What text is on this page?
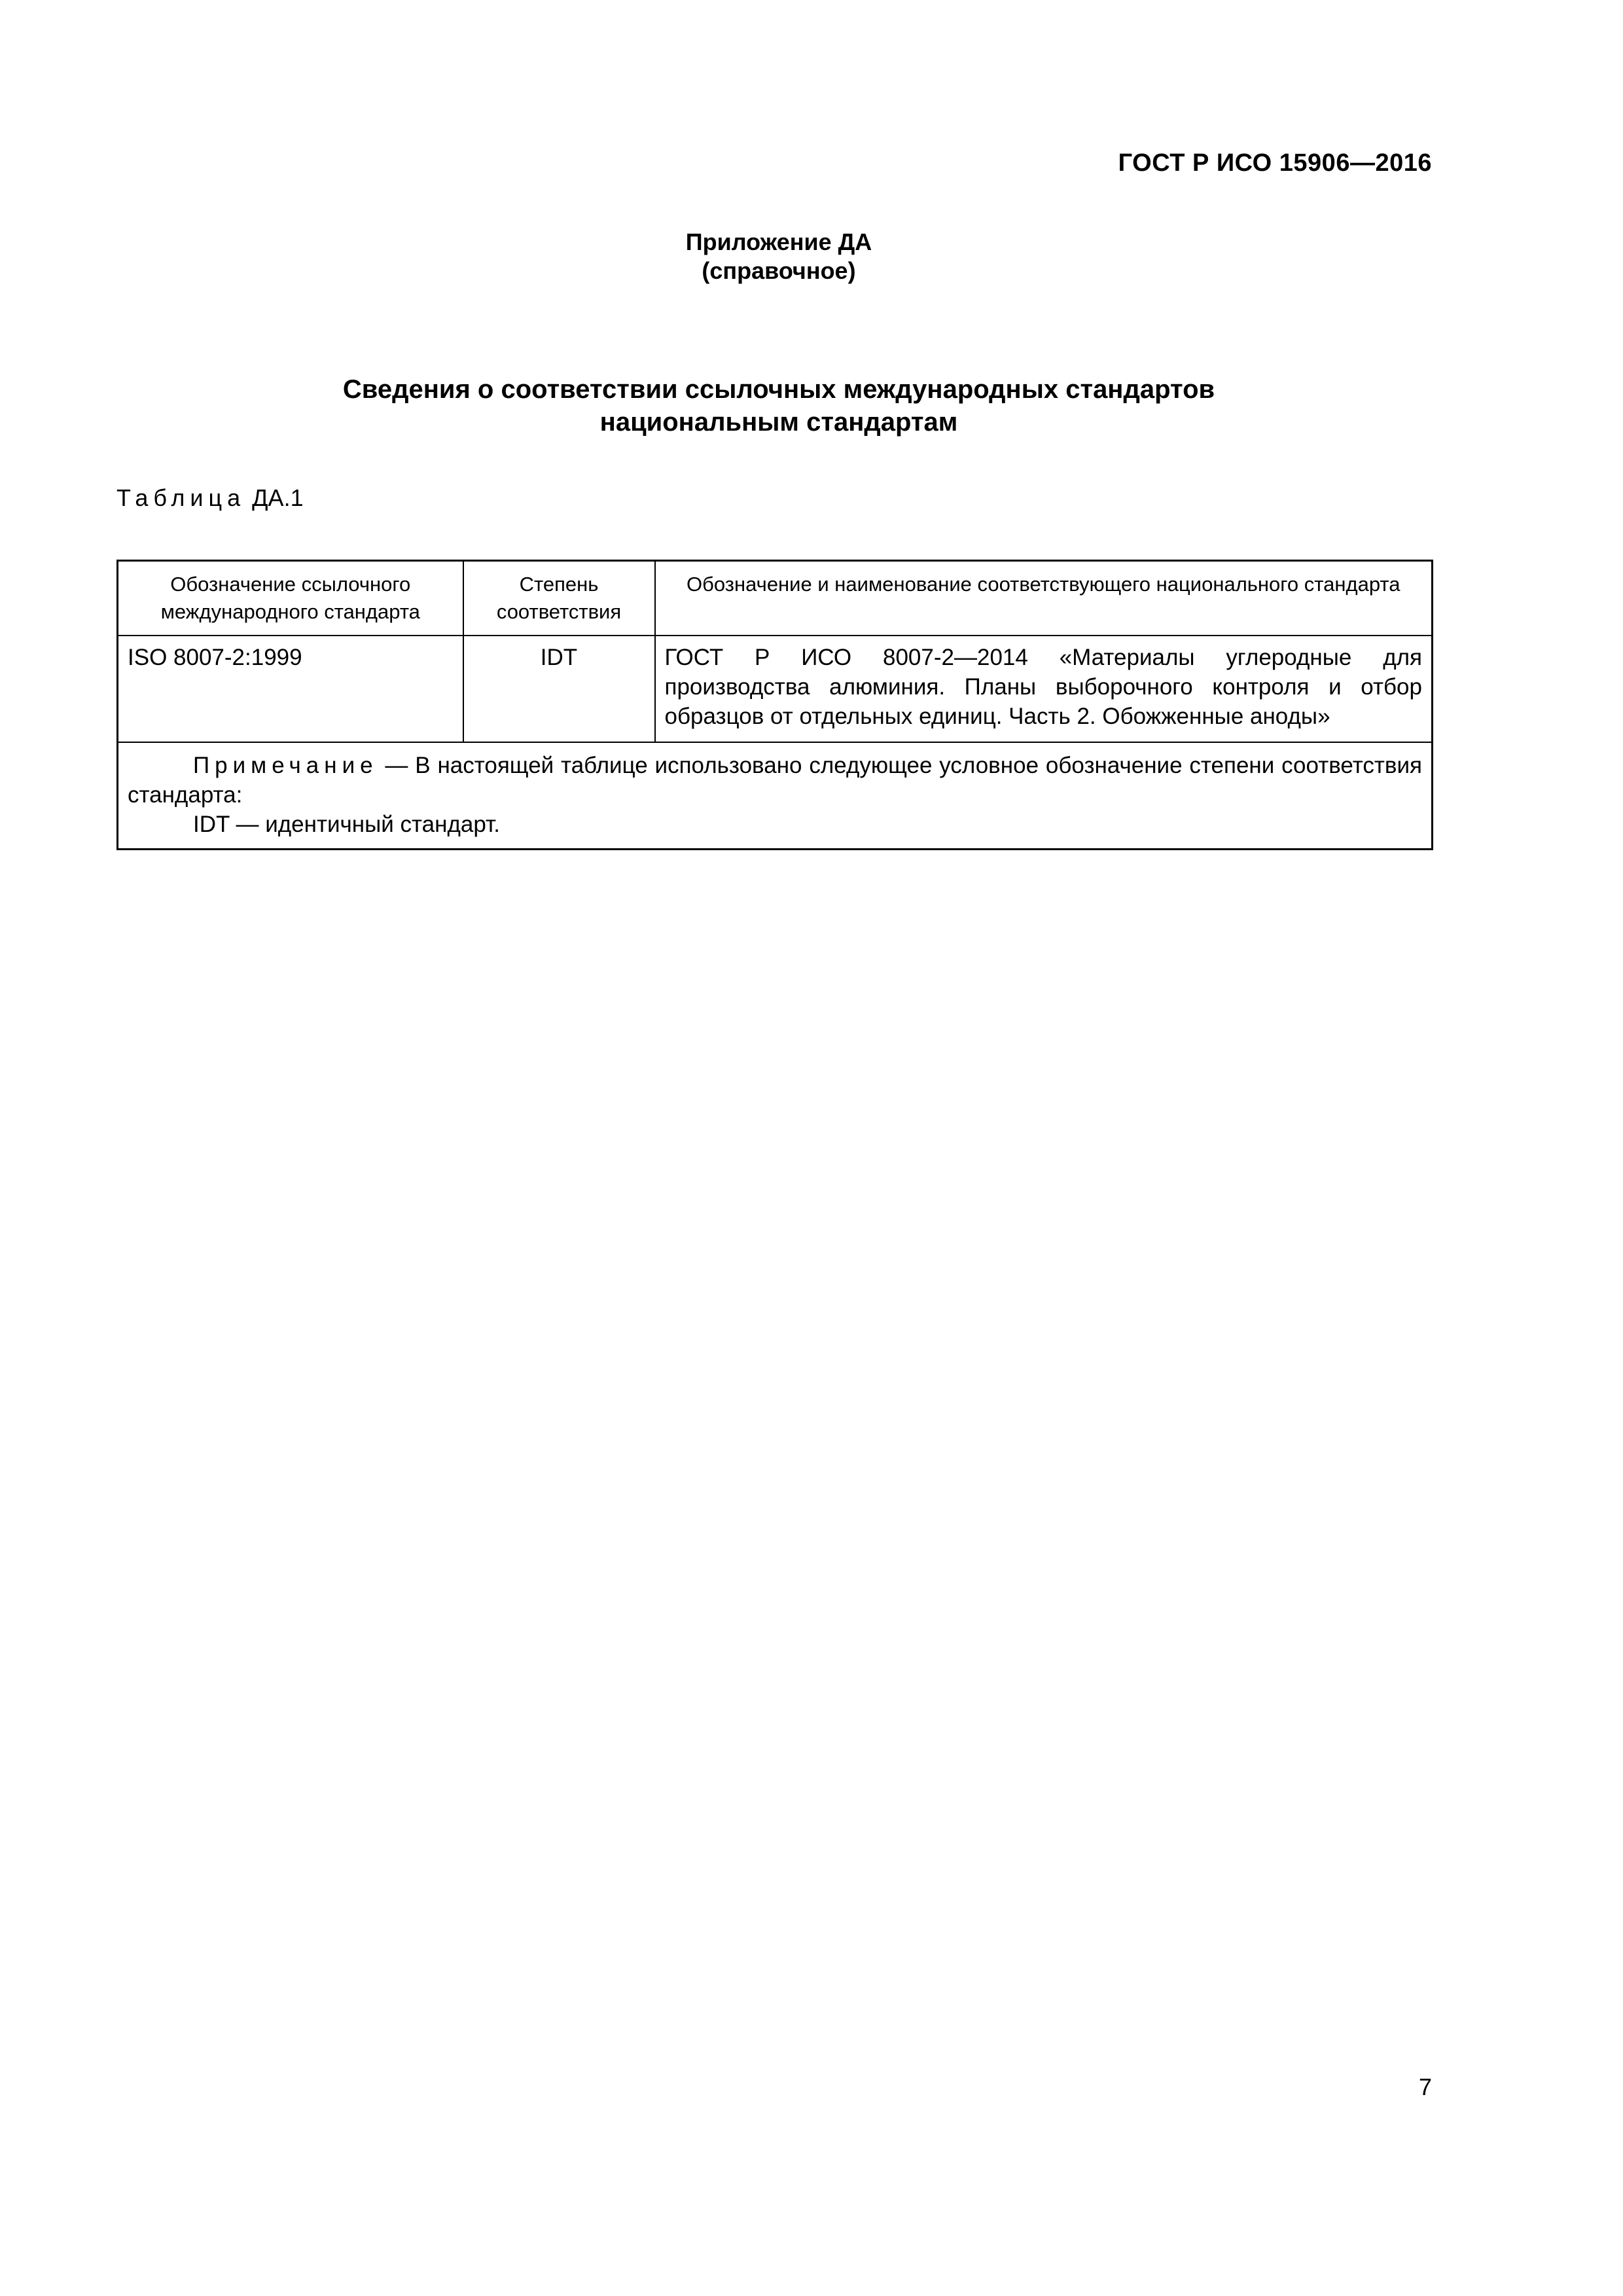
ГОСТ Р ИСО 15906—2016
Приложение ДА
(справочное)
Сведения о соответствии ссылочных международных стандартов
национальным стандартам
Таблица ДА.1
Обозначение ссылочного международного стандарта	Степень соответствия	Обозначение и наименование соответствующего национального стандарта
ISO 8007-2:1999	IDT	ГОСТ Р ИСО 8007-2—2014 «Материалы углеродные для производства алюминия. Планы выборочного контроля и отбор образцов от отдельных единиц. Часть 2. Обожженные аноды»

Примечание — В настоящей таблице использовано следующее условное обозначение степени соответствия стандарта:
IDT — идентичный стандарт.		
7
